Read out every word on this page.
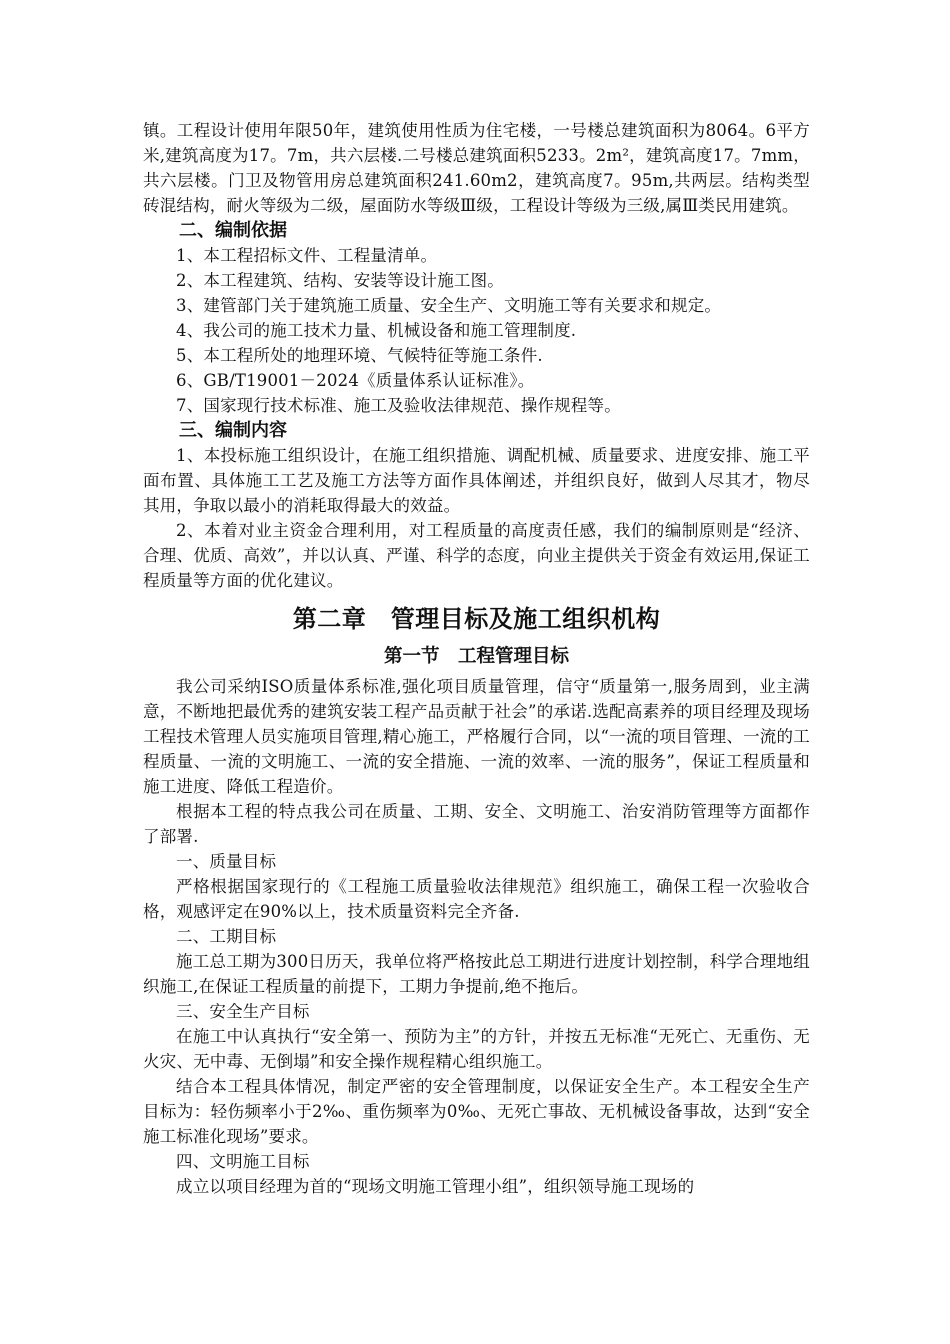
镇。工程设计使用年限50年，建筑使用性质为住宅楼，一号楼总建筑面积为8064。6平方米,建筑高度为17。7m，共六层楼.二号楼总建筑面积5233。2m²，建筑高度17。7mm，共六层楼。门卫及物管用房总建筑面积241.60m2，建筑高度7。95m,共两层。结构类型砖混结构，耐火等级为二级，屋面防水等级Ⅲ级，工程设计等级为三级,属Ⅲ类民用建筑。

二、编制依据

1、本工程招标文件、工程量清单。

2、本工程建筑、结构、安装等设计施工图。

3、建管部门关于建筑施工质量、安全生产、文明施工等有关要求和规定。

4、我公司的施工技术力量、机械设备和施工管理制度.

5、本工程所处的地理环境、气候特征等施工条件.

6、GB/T19001－2024《质量体系认证标准》。

7、国家现行技术标准、施工及验收法律规范、操作规程等。

三、编制内容

1、本投标施工组织设计，在施工组织措施、调配机械、质量要求、进度安排、施工平面布置、具体施工工艺及施工方法等方面作具体阐述，并组织良好，做到人尽其才，物尽其用，争取以最小的消耗取得最大的效益。

2、本着对业主资金合理利用，对工程质量的高度责任感，我们的编制原则是“经济、合理、优质、高效”，并以认真、严谨、科学的态度，向业主提供关于资金有效运用,保证工程质量等方面的优化建议。

第二章　管理目标及施工组织机构
第一节　工程管理目标

我公司采纳ISO质量体系标准,强化项目质量管理，信守“质量第一,服务周到，业主满意，不断地把最优秀的建筑安装工程产品贡献于社会”的承诺.选配高素养的项目经理及现场工程技术管理人员实施项目管理,精心施工，严格履行合同，以“一流的项目管理、一流的工程质量、一流的文明施工、一流的安全措施、一流的效率、一流的服务”，保证工程质量和施工进度、降低工程造价。

根据本工程的特点我公司在质量、工期、安全、文明施工、治安消防管理等方面都作了部署.

一、质量目标

严格根据国家现行的《工程施工质量验收法律规范》组织施工，确保工程一次验收合格，观感评定在90%以上，技术质量资料完全齐备.

二、工期目标

施工总工期为300日历天，我单位将严格按此总工期进行进度计划控制，科学合理地组织施工,在保证工程质量的前提下，工期力争提前,绝不拖后。

三、安全生产目标

在施工中认真执行“安全第一、预防为主”的方针，并按五无标准“无死亡、无重伤、无火灾、无中毒、无倒塌”和安全操作规程精心组织施工。

结合本工程具体情况，制定严密的安全管理制度，以保证安全生产。本工程安全生产目标为：轻伤频率小于2‰、重伤频率为0‰、无死亡事故、无机械设备事故，达到“安全施工标准化现场”要求。

四、文明施工目标

成立以项目经理为首的“现场文明施工管理小组”，组织领导施工现场的
